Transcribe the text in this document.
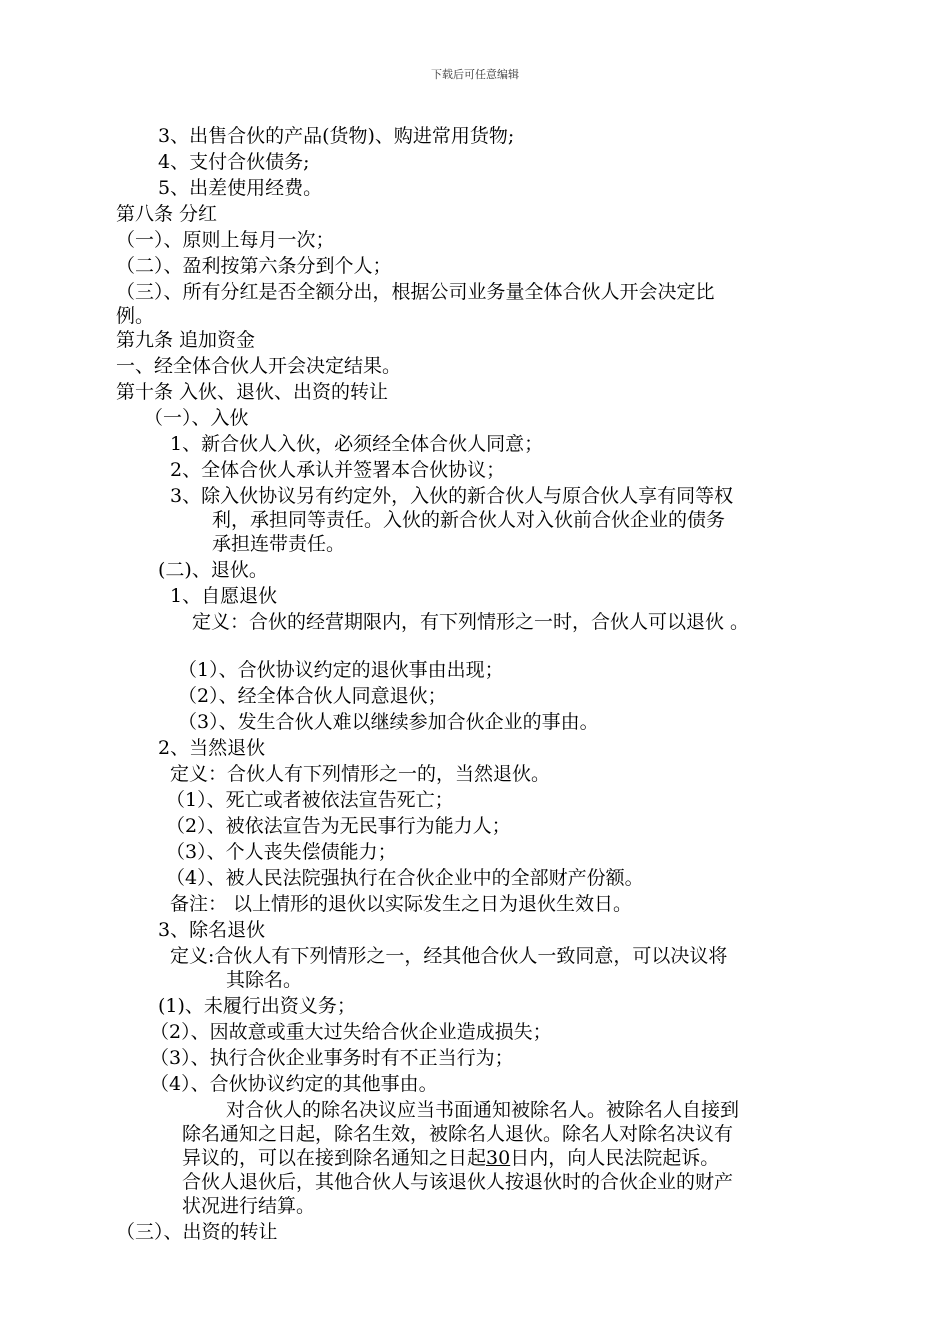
下载后可任意编辑
3、出售合伙的产品(货物)、购进常用货物;
4、支付合伙债务;
5、出差使用经费。
第八条 分红
（一）、原则上每月一次；
（二）、盈利按第六条分到个人；
（三）、所有分红是否全额分出，根据公司业务量全体合伙人开会决定比
例。
第九条 追加资金
一、经全体合伙人开会决定结果。
第十条 入伙、退伙、出资的转让
（一）、入伙
1、新合伙人入伙，必须经全体合伙人同意；
2、全体合伙人承认并签署本合伙协议；
3、除入伙协议另有约定外，入伙的新合伙人与原合伙人享有同等权
利，承担同等责任。入伙的新合伙人对入伙前合伙企业的债务
承担连带责任。
(二)、退伙。
1、自愿退伙
定义：合伙的经营期限内，有下列情形之一时，合伙人可以退伙 。
（1）、合伙协议约定的退伙事由出现；
（2）、经全体合伙人同意退伙；
（3）、发生合伙人难以继续参加合伙企业的事由。
2、当然退伙
定义：合伙人有下列情形之一的，当然退伙。
（1）、死亡或者被依法宣告死亡；
（2）、被依法宣告为无民事行为能力人；
（3）、个人丧失偿债能力；
（4）、被人民法院强执行在合伙企业中的全部财产份额。
备注： 以上情形的退伙以实际发生之日为退伙生效日。
3、除名退伙
定义:合伙人有下列情形之一，经其他合伙人一致同意，可以决议将
其除名。
(1)、未履行出资义务；
（2）、因故意或重大过失给合伙企业造成损失；
（3）、执行合伙企业事务时有不正当行为；
（4）、合伙协议约定的其他事由。
对合伙人的除名决议应当书面通知被除名人。被除名人自接到
除名通知之日起，除名生效，被除名人退伙。除名人对除名决议有
异议的，可以在接到除名通知之日起30日内，向人民法院起诉。
合伙人退伙后，其他合伙人与该退伙人按退伙时的合伙企业的财产
状况进行结算。
（三）、出资的转让
